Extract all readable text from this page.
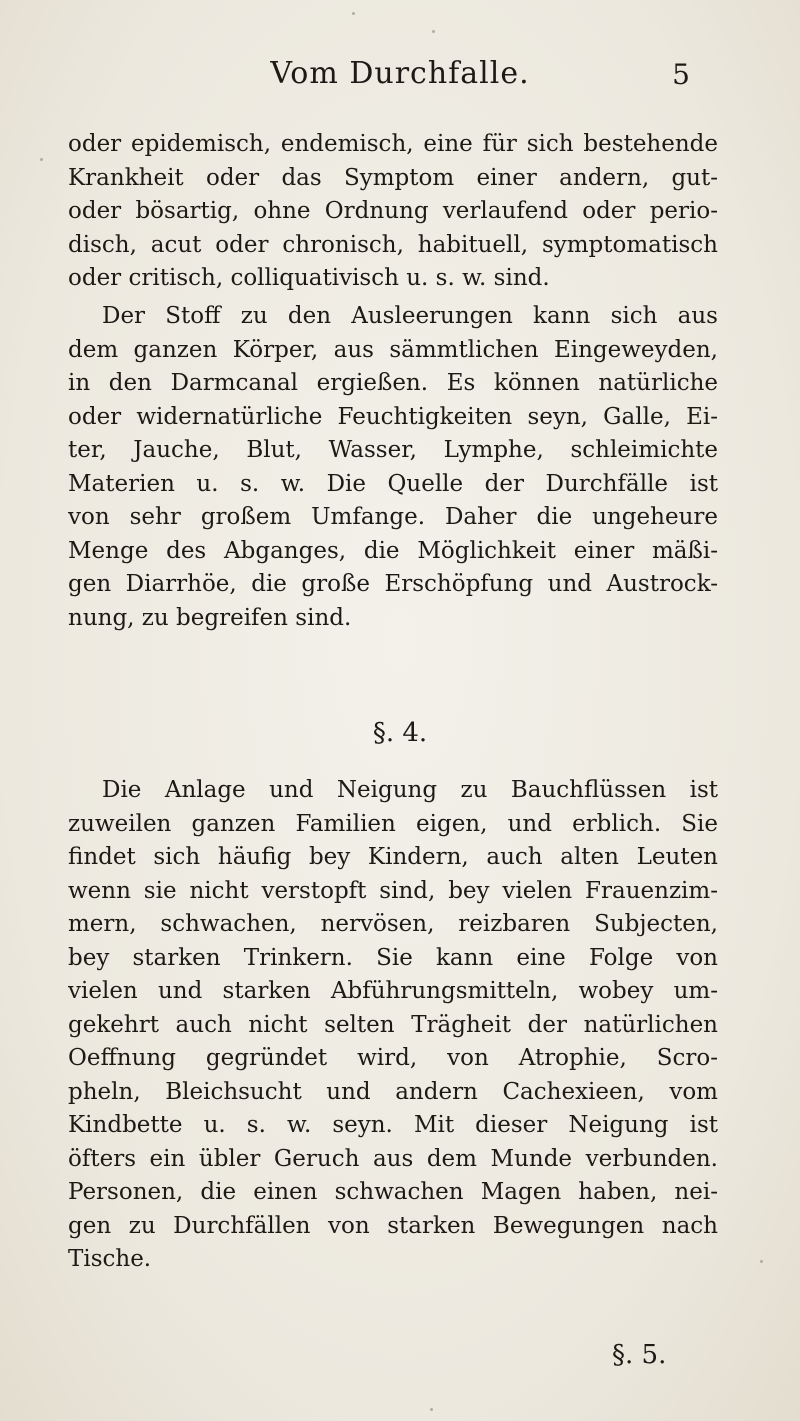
Vom Durchfalle.	5
oder epidemisch, endemisch, eine für sich bestehende
Krankheit oder das Symptom einer andern, gut-
oder bösartig, ohne Ordnung verlaufend oder perio-
disch, acut oder chronisch, habituell, symptomatisch
oder critisch, colliquativisch u. s. w. sind.
Der Stoff zu den Ausleerungen kann sich aus
dem ganzen Körper, aus sämmtlichen Eingeweyden,
in den Darmcanal ergießen. Es können natürliche
oder widernatürliche Feuchtigkeiten seyn, Galle, Ei-
ter, Jauche, Blut, Wasser, Lymphe, schleimichte
Materien u. s. w. Die Quelle der Durchfälle ist
von sehr großem Umfange. Daher die ungeheure
Menge des Abganges, die Möglichkeit einer mäßi-
gen Diarrhöe, die große Erschöpfung und Austrock-
nung, zu begreifen sind.
§. 4.
Die Anlage und Neigung zu Bauchflüssen ist
zuweilen ganzen Familien eigen, und erblich. Sie
findet sich häufig bey Kindern, auch alten Leuten
wenn sie nicht verstopft sind, bey vielen Frauenzim-
mern, schwachen, nervösen, reizbaren Subjecten,
bey starken Trinkern. Sie kann eine Folge von
vielen und starken Abführungsmitteln, wobey um-
gekehrt auch nicht selten Trägheit der natürlichen
Oeffnung gegründet wird, von Atrophie, Scro-
pheln, Bleichsucht und andern Cachexieen, vom
Kindbette u. s. w. seyn. Mit dieser Neigung ist
öfters ein übler Geruch aus dem Munde verbunden.
Personen, die einen schwachen Magen haben, nei-
gen zu Durchfällen von starken Bewegungen nach
Tische.
§. 5.
